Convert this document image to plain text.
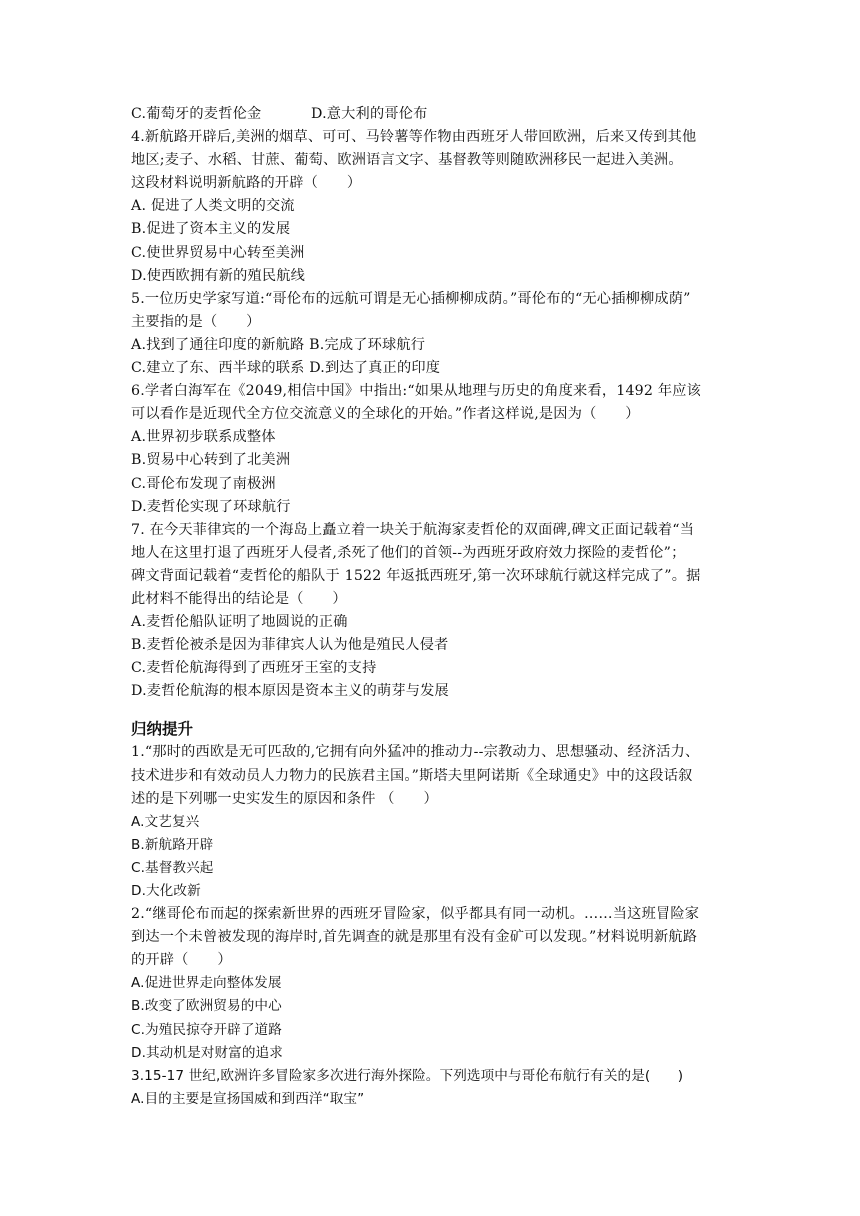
C.葡萄牙的麦哲伦金	D.意大利的哥伦布
4.新航路开辟后,美洲的烟草、可可、马铃薯等作物由西班牙人带回欧洲，后来又传到其他
地区;麦子、水稻、甘蔗、葡萄、欧洲语言文字、基督教等则随欧洲移民一起进入美洲。
这段材料说明新航路的开辟（　　）
A. 促进了人类文明的交流
B.促进了资本主义的发展
C.使世界贸易中心转至美洲
D.使西欧拥有新的殖民航线
5.一位历史学家写道:“哥伦布的远航可谓是无心插柳柳成荫。”哥伦布的“无心插柳柳成荫”
主要指的是（　　）
A.找到了通往印度的新航路 B.完成了环球航行
C.建立了东、西半球的联系 D.到达了真正的印度
6.学者白海军在《2049,相信中国》中指出:“如果从地理与历史的角度来看，1492 年应该
可以看作是近现代全方位交流意义的全球化的开始。”作者这样说,是因为（　　）
A.世界初步联系成整体
B.贸易中心转到了北美洲
C.哥伦布发现了南极洲
D.麦哲伦实现了环球航行
7. 在今天菲律宾的一个海岛上矗立着一块关于航海家麦哲伦的双面碑,碑文正面记载着“当
地人在这里打退了西班牙人侵者,杀死了他们的首领--为西班牙政府效力探险的麦哲伦”；
碑文背面记载着“麦哲伦的船队于 1522 年返抵西班牙,第一次环球航行就这样完成了”。据
此材料不能得出的结论是（　　）
A.麦哲伦船队证明了地圆说的正确
B.麦哲伦被杀是因为菲律宾人认为他是殖民人侵者
C.麦哲伦航海得到了西班牙王室的支持
D.麦哲伦航海的根本原因是资本主义的萌芽与发展
归纳提升
1.“那时的西欧是无可匹敌的,它拥有向外猛冲的推动力--宗教动力、思想骚动、经济活力、
技术进步和有效动员人力物力的民族君主国。”斯塔夫里阿诺斯《全球通史》中的这段话叙
述的是下列哪一史实发生的原因和条件 （　　）
A.文艺复兴
B.新航路开辟
C.基督教兴起
D.大化改新
2.“继哥伦布而起的探索新世界的西班牙冒险家，似乎都具有同一动机。……当这班冒险家
到达一个未曾被发现的海岸时,首先调查的就是那里有没有金矿可以发现。”材料说明新航路
的开辟（　　）
A.促进世界走向整体发展
B.改变了欧洲贸易的中心
C.为殖民掠夺开辟了道路
D.其动机是对财富的追求
3.15-17 世纪,欧洲许多冒险家多次进行海外探险。下列选项中与哥伦布航行有关的是(　　)
A.目的主要是宣扬国威和到西洋“取宝”
